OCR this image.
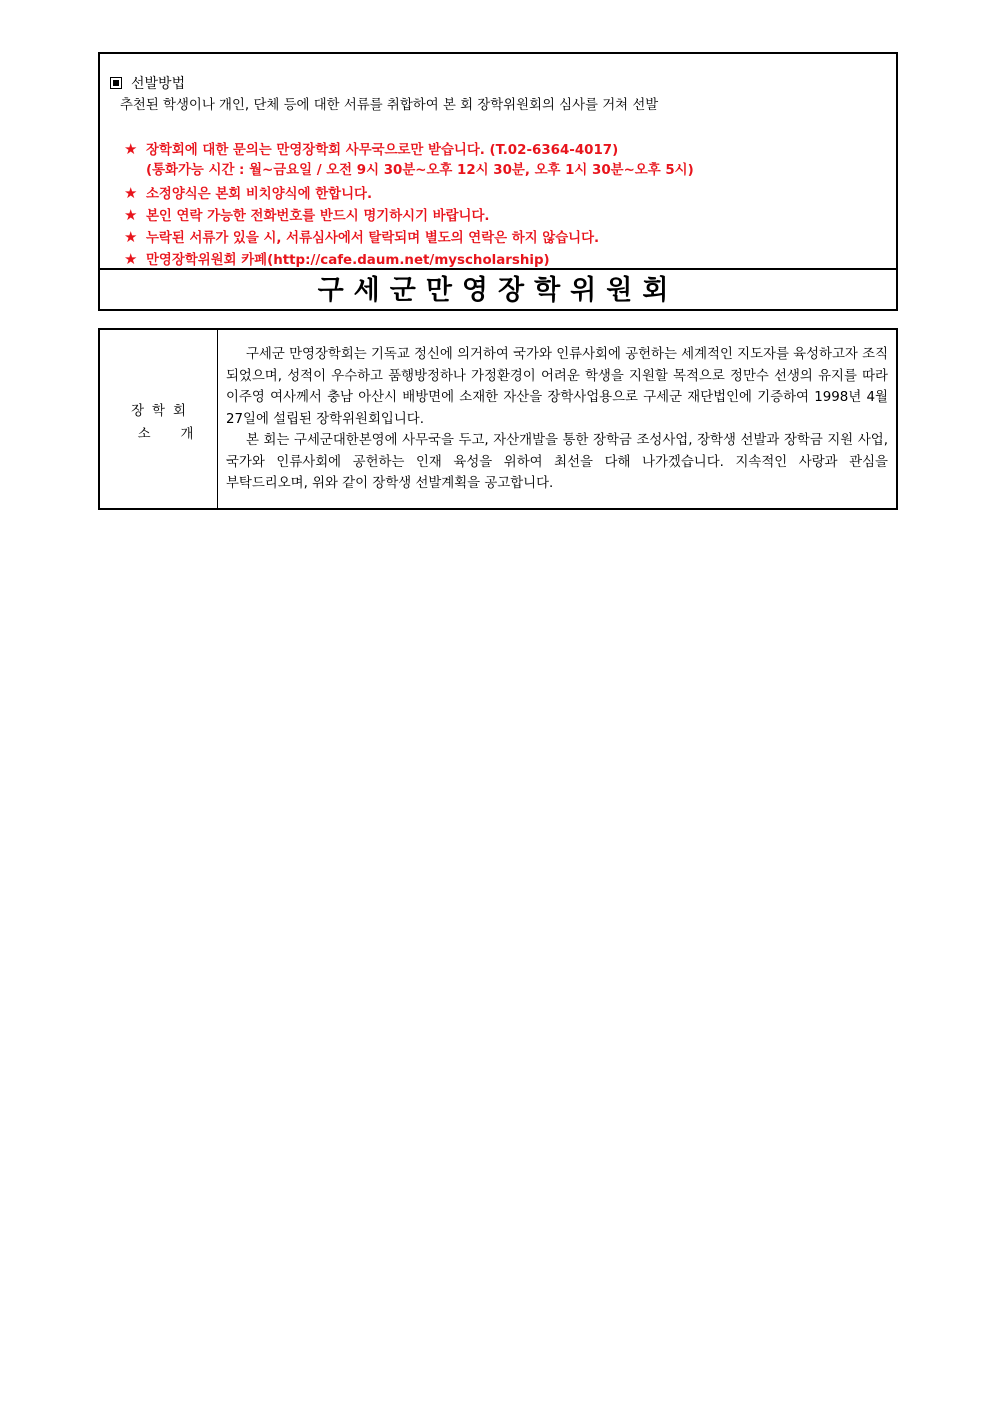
선발방법
추천된 학생이나 개인, 단체 등에 대한 서류를 취합하여 본 회 장학위원회의 심사를 거쳐 선발
★ 장학회에 대한 문의는 만영장학회 사무국으로만 받습니다. (T.02-6364-4017)
(통화가능 시간 : 월~금요일 / 오전 9시 30분~오후 12시 30분, 오후 1시 30분~오후 5시)
★ 소정양식은 본회 비치양식에 한합니다.
★ 본인 연락 가능한 전화번호를 반드시 명기하시기 바랍니다.
★ 누락된 서류가 있을 시, 서류심사에서 탈락되며 별도의 연락은 하지 않습니다.
★ 만영장학위원회 카페(http://cafe.daum.net/myscholarship)
구세군만영장학위원회
장학회
소개

구세군 만영장학회는 기독교 정신에 의거하여 국가와 인류사회에 공헌하는 세계적인 지도자를 육성하고자 조직 되었으며, 성적이 우수하고 품행방정하나 가정환경이 어려운 학생을 지원할 목적으로 정만수 선생의 유지를 따라 이주영 여사께서 충남 아산시 배방면에 소재한 자산을 장학사업용으로 구세군 재단법인에 기증하여 1998년 4월 27일에 설립된 장학위원회입니다.

본 회는 구세군대한본영에 사무국을 두고, 자산개발을 통한 장학금 조성사업, 장학생 선발과 장학금 지원 사업, 국가와 인류사회에 공헌하는 인재 육성을 위하여 최선을 다해 나가겠습니다. 지속적인 사랑과 관심을 부탁드리오며, 위와 같이 장학생 선발계획을 공고합니다.
